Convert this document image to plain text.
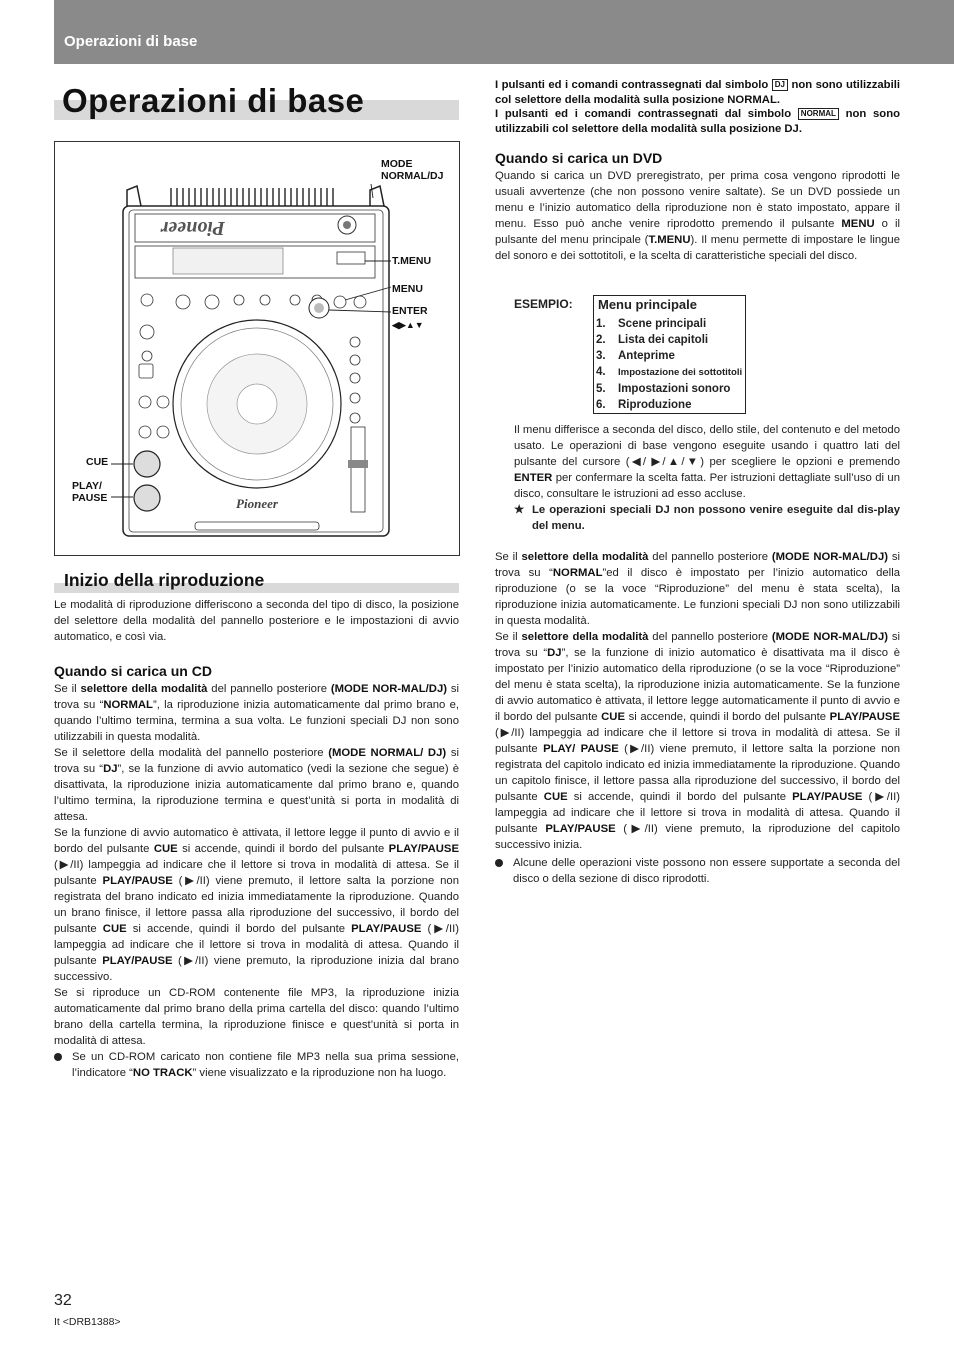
Operazioni di base
Operazioni di base
Pioneer
Pioneer
MODE
NORMAL/DJ
T.MENU
MENU
ENTER
◀▶▲▼
CUE
PLAY/
PAUSE
Inizio della riproduzione

Le modalità di riproduzione differiscono a seconda del tipo di disco, la posizione del selettore della modalità del pannello posteriore e le impostazioni di avvio automatico, e così via.

Quando si carica un CD

Se il selettore della modalità del pannello posteriore (MODE NOR-MAL/DJ) si trova su “NORMAL”, la riproduzione inizia automaticamente dal primo brano e, quando l’ultimo termina, termina a sua volta. Le funzioni speciali DJ non sono utilizzabili in questa modalità.

Se il selettore della modalità del pannello posteriore (MODE NORMAL/ DJ) si trova su “DJ”, se la funzione di avvio automatico (vedi la sezione che segue) è disattivata, la riproduzione inizia automaticamente dal primo brano e, quando l’ultimo termina, la riproduzione termina e quest’unità si porta in modalità di attesa.

Se la funzione di avvio automatico è attivata, il lettore legge il punto di avvio e il bordo del pulsante CUE si accende, quindi il bordo del pulsante PLAY/PAUSE (▶/II) lampeggia ad indicare che il lettore si trova in modalità di attesa. Se il pulsante PLAY/PAUSE (▶/II) viene premuto, il lettore salta la porzione non registrata del brano indicato ed inizia immediatamente la riproduzione. Quando un brano finisce, il lettore passa alla riproduzione del successivo, il bordo del pulsante CUE si accende, quindi il bordo del pulsante PLAY/PAUSE (▶/II) lampeggia ad indicare che il lettore si trova in modalità di attesa. Quando il pulsante PLAY/PAUSE (▶/II) viene premuto, la riproduzione inizia dal brano successivo.

Se si riproduce un CD-ROM contenente file MP3, la riproduzione inizia automaticamente dal primo brano della prima cartella del disco: quando l’ultimo brano della cartella termina, la riproduzione finisce e quest’unità si porta in modalità di attesa.

Se un CD-ROM caricato non contiene file MP3 nella sua prima sessione, l’indicatore “NO TRACK” viene visualizzato e la riproduzione non ha luogo.

I pulsanti ed i comandi contrassegnati dal simbolo DJ non sono utilizzabili col selettore della modalità sulla posizione NORMAL.
I pulsanti ed i comandi contrassegnati dal simbolo NORMAL non sono utilizzabili col selettore della modalità sulla posizione DJ.

Quando si carica un DVD

Quando si carica un DVD preregistrato, per prima cosa vengono riprodotti le usuali avvertenze (che non possono venire saltate). Se un DVD possiede un menu e l’inizio automatico della riproduzione non è stato impostato, appare il menu. Esso può anche venire riprodotto premendo il pulsante MENU o il pulsante del menu principale (T.MENU). Il menu permette di impostare le lingue del sonoro e dei sottotitoli, e la scelta di caratteristiche speciali del disco.

ESEMPIO: Menu principale
1. Scene principali
2. Lista dei capitoli
3. Anteprime
4. Impostazione dei sottotitoli
5. Impostazioni sonoro
6. Riproduzione

Il menu differisce a seconda del disco, dello stile, del contenuto e del metodo usato. Le operazioni di base vengono eseguite usando i quattro lati del pulsante del cursore (◀/ ▶/▲/▼) per scegliere le opzioni e premendo ENTER per confermare la scelta fatta. Per istruzioni dettagliate sull’uso di un disco, consultare le istruzioni ad esso accluse.

★ Le operazioni speciali DJ non possono venire eseguite dal dis-play del menu.

Se il selettore della modalità del pannello posteriore (MODE NOR-MAL/DJ) si trova su “NORMAL”ed il disco è impostato per l’inizio automatico della riproduzione (o se la voce “Riproduzione” del menu è stata scelta), la riproduzione inizia automaticamente. Le funzioni speciali DJ non sono utilizzabili in questa modalità.

Se il selettore della modalità del pannello posteriore (MODE NOR-MAL/DJ) si trova su “DJ”, se la funzione di inizio automatico è disattivata ma il disco è impostato per l’inizio automatico della riproduzione (o se la voce “Riproduzione” del menu è stata scelta), la riproduzione inizia automaticamente. Se la funzione di avvio automatico è attivata, il lettore legge automaticamente il punto di avvio e il bordo del pulsante CUE si accende, quindi il bordo del pulsante PLAY/PAUSE (▶/II) lampeggia ad indicare che il lettore si trova in modalità di attesa. Se il pulsante PLAY/ PAUSE (▶/II) viene premuto, il lettore salta la porzione non registrata del capitolo indicato ed inizia immediatamente la riproduzione. Quando un capitolo finisce, il lettore passa alla riproduzione del successivo, il bordo del pulsante CUE si accende, quindi il bordo del pulsante PLAY/PAUSE (▶/II) lampeggia ad indicare che il lettore si trova in modalità di attesa. Quando il pulsante PLAY/PAUSE (▶/II) viene premuto, la riproduzione del capitolo successivo inizia.

Alcune delle operazioni viste possono non essere supportate a seconda del disco o della sezione di disco riprodotti.

32
It <DRB1388>
